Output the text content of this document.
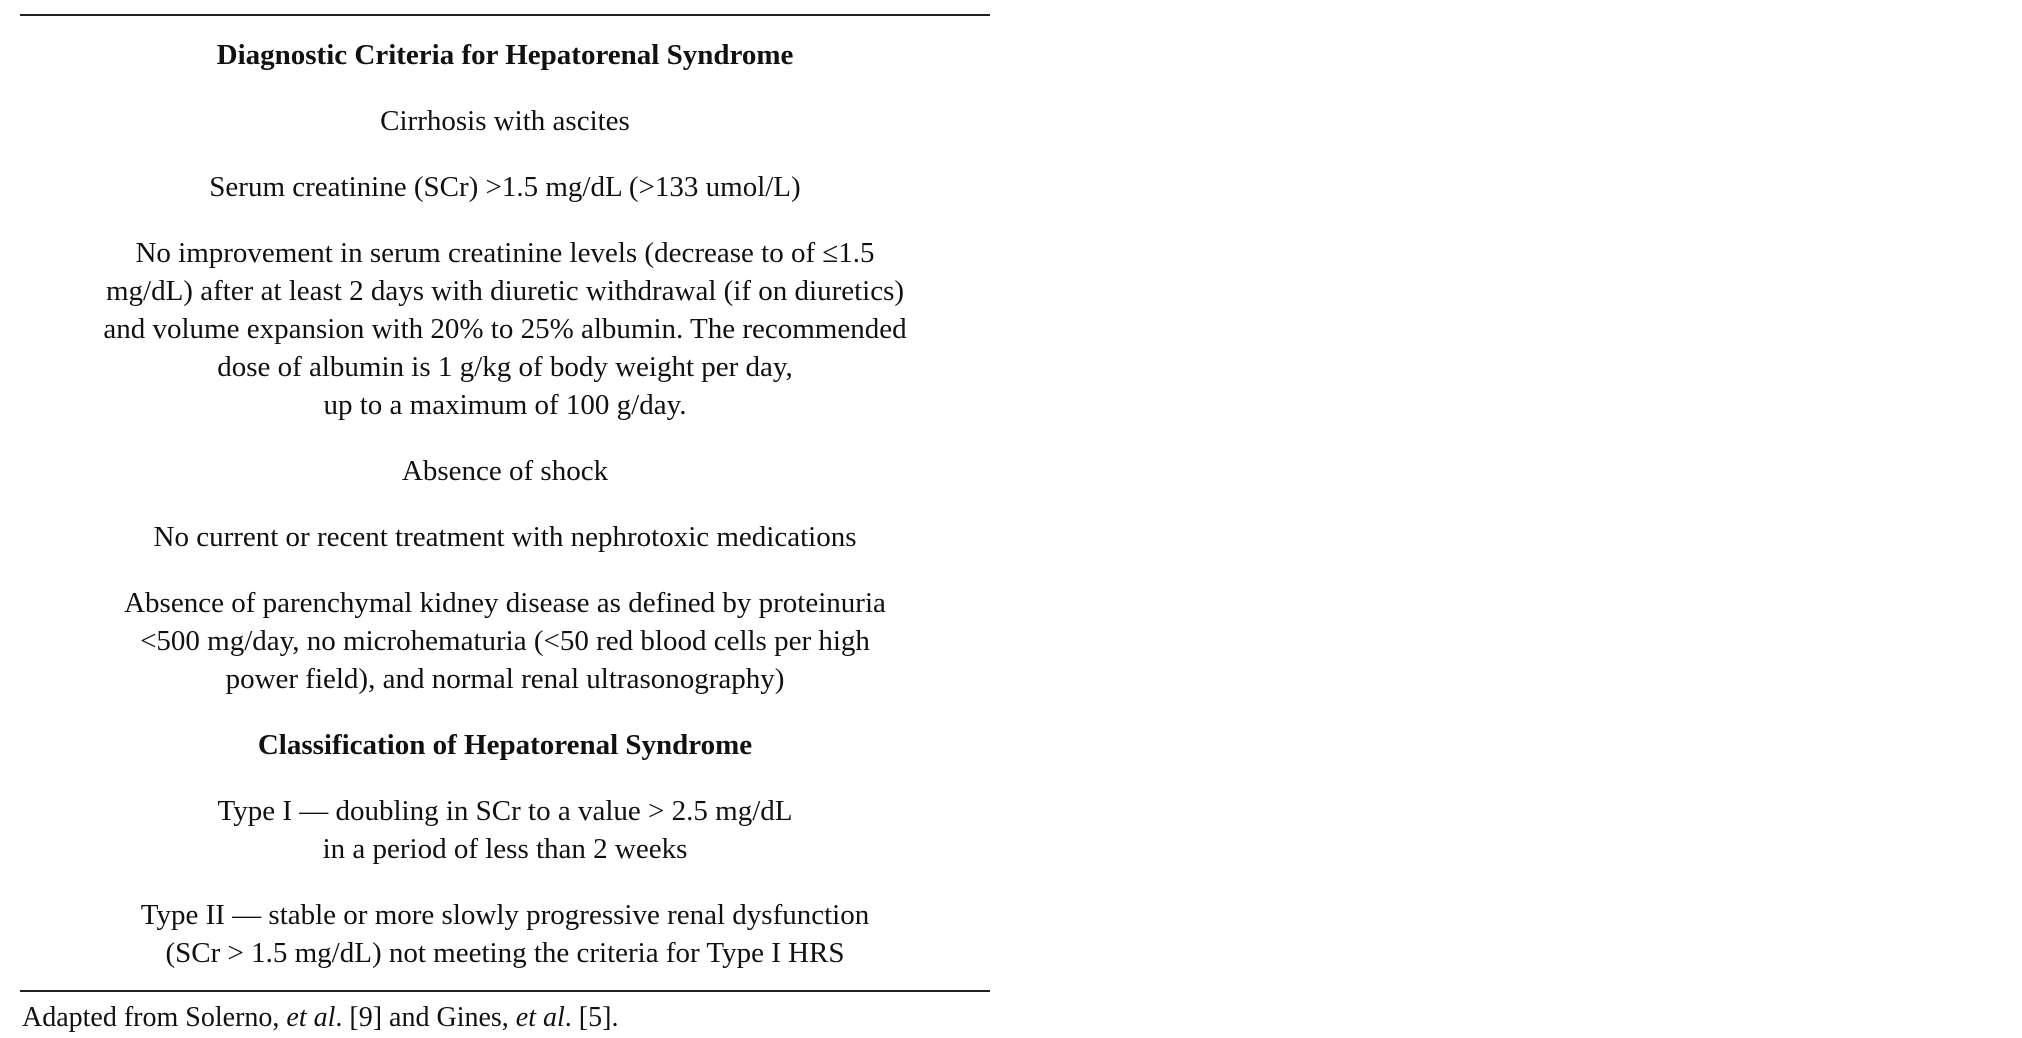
Diagnostic Criteria for Hepatorenal Syndrome
Cirrhosis with ascites
Serum creatinine (SCr) >1.5 mg/dL (>133 umol/L)
No improvement in serum creatinine levels (decrease to of ≤1.5
mg/dL) after at least 2 days with diuretic withdrawal (if on diuretics)
and volume expansion with 20% to 25% albumin. The recommended
dose of albumin is 1 g/kg of body weight per day,
up to a maximum of 100 g/day.
Absence of shock
No current or recent treatment with nephrotoxic medications
Absence of parenchymal kidney disease as defined by proteinuria
<500 mg/day, no microhematuria (<50 red blood cells per high
power field), and normal renal ultrasonography)
Classification of Hepatorenal Syndrome
Type I — doubling in SCr to a value > 2.5 mg/dL
in a period of less than 2 weeks
Type II — stable or more slowly progressive renal dysfunction
(SCr > 1.5 mg/dL) not meeting the criteria for Type I HRS
Adapted from Solerno, et al. [9] and Gines, et al. [5].
